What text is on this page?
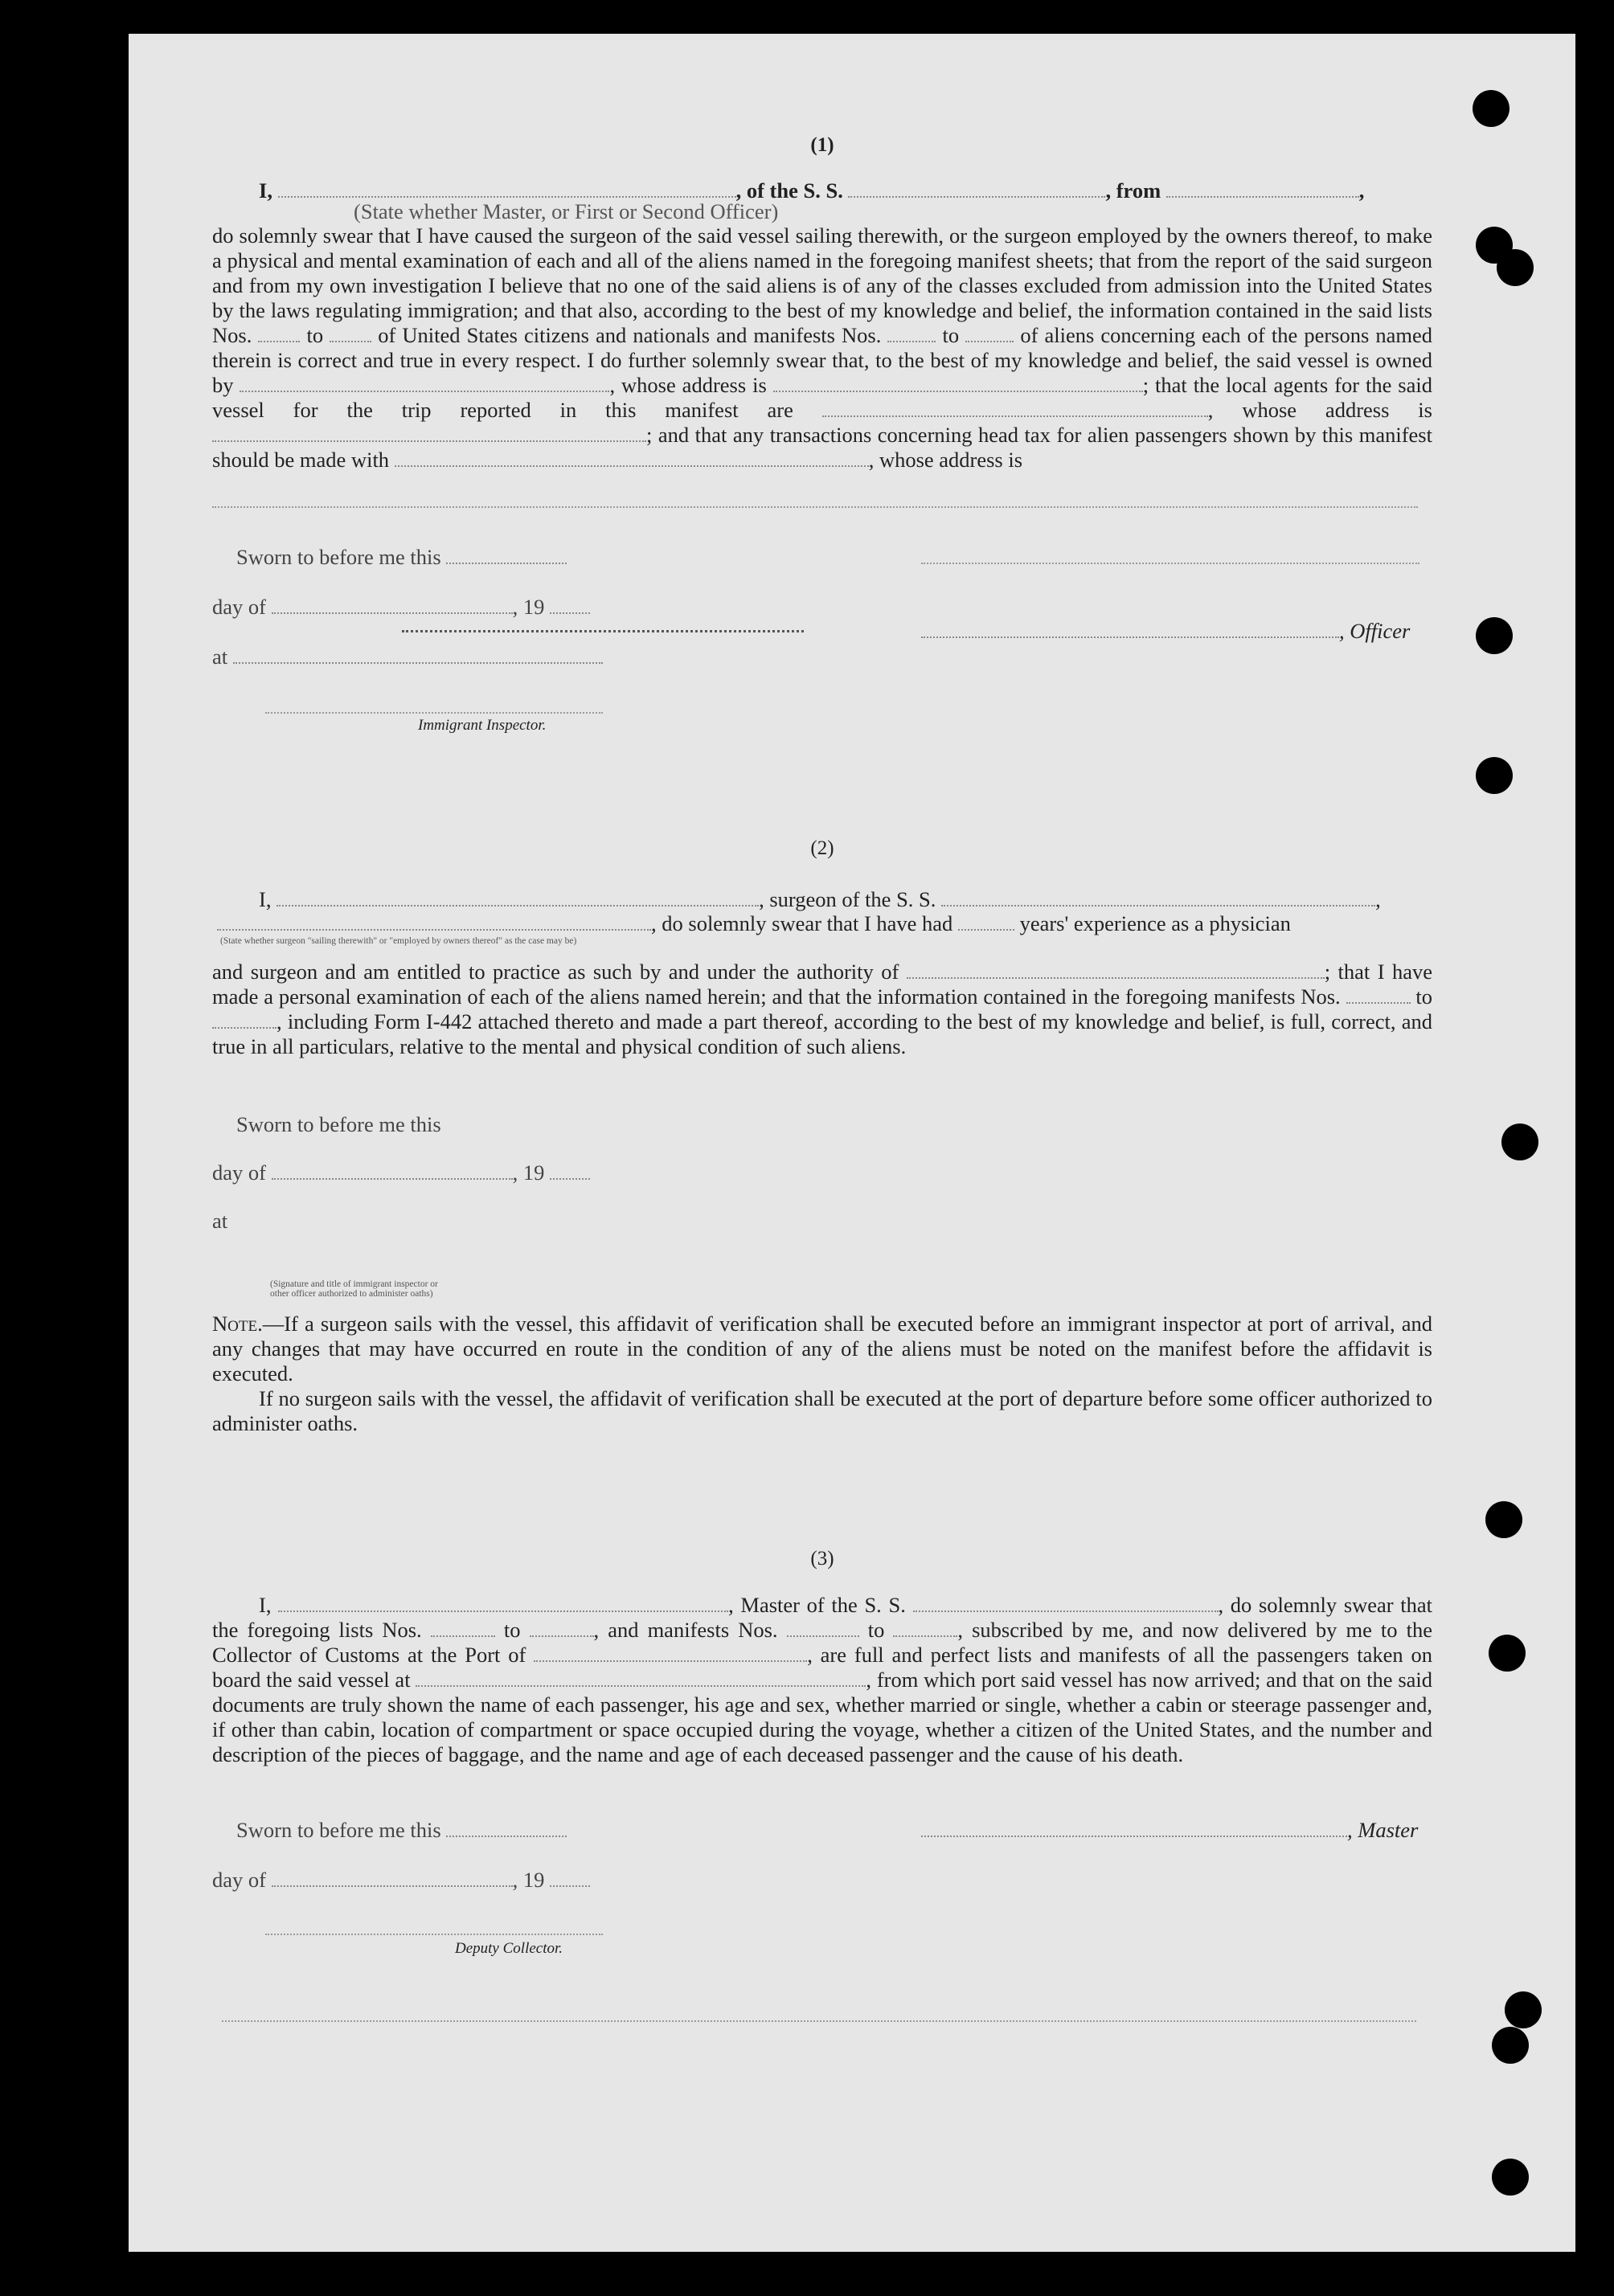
(1)

I,	, of the S. S.	, from	,
(State whether Master, or First or Second Officer)

do solemnly swear that I have caused the surgeon of the said vessel sailing therewith, or the surgeon employed by the owners thereof, to make a physical and mental examination of each and all of the aliens named in the foregoing manifest sheets; that from the report of the said surgeon and from my own investigation I believe that no one of the said aliens is of any of the classes excluded from admission into the United States by the laws regulating immigration; and that also, according to the best of my knowledge and belief, the information contained in the said lists Nos.	to	of United States citizens and nationals and manifests Nos.	to	of aliens concerning each of the persons named therein is correct and true in every respect. I do further solemnly swear that, to the best of my knowledge and belief, the said vessel is owned by	, whose address is	; that the local agents for the said vessel for the trip reported in this manifest are	, whose address is ; and that any transactions concerning head tax for alien passengers shown by this manifest should be made with	, whose address is

Sworn to before me this
day of	, 19
, Officer
at
Immigrant Inspector.

(2)

I,	, surgeon of the S. S.	,
, do solemnly swear that I have had	years' experience as a physician
(State whether surgeon "sailing therewith" or "employed by owners thereof" as the case may be)

and surgeon and am entitled to practice as such by and under the authority of	; that I have made a personal examination of each of the aliens named herein; and that the information contained in the foregoing manifests Nos.	to , including Form I-442 attached thereto and made a part thereof, according to the best of my knowledge and belief, is full, correct, and true in all particulars, relative to the mental and physical condition of such aliens.

Sworn to before me this
day of	, 19
at
(Signature and title of immigrant inspector or
other officer authorized to administer oaths)

Note.—If a surgeon sails with the vessel, this affidavit of verification shall be executed before an immigrant inspector at port of arrival, and any changes that may have occurred en route in the condition of any of the aliens must be noted on the manifest before the affidavit is executed.

If no surgeon sails with the vessel, the affidavit of verification shall be executed at the port of departure before some officer authorized to administer oaths.

(3)

I,	, Master of the S. S.	, do solemnly swear that the foregoing lists Nos.	to	, and manifests Nos.	to	, subscribed by me, and now delivered by me to the Collector of Customs at the Port of	, are full and perfect lists and manifests of all the passengers taken on board the said vessel at	, from which port said vessel has now arrived; and that on the said documents are truly shown the name of each passenger, his age and sex, whether married or single, whether a cabin or steerage passenger and, if other than cabin, location of compartment or space occupied during the voyage, whether a citizen of the United States, and the number and description of the pieces of baggage, and the name and age of each deceased passenger and the cause of his death.

Sworn to before me this	, Master
day of	, 19
Deputy Collector.
